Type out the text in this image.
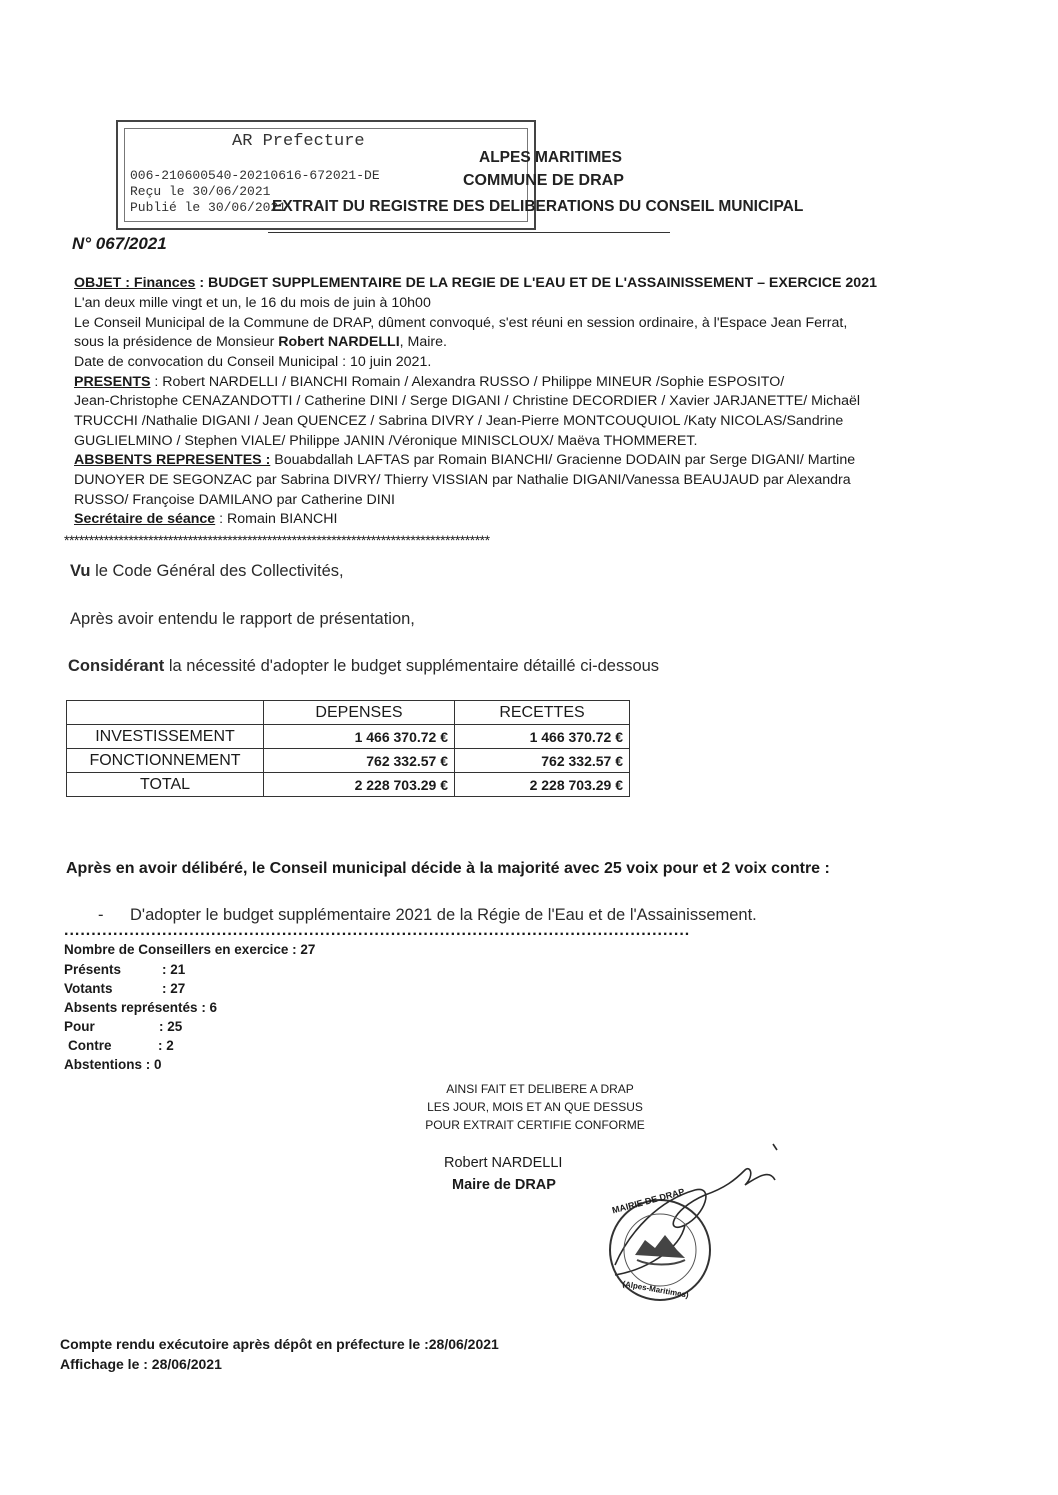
AR Prefecture
006-210600540-20210616-672021-DE
Reçu le 30/06/2021
Publié le 30/06/2021
ALPES MARITIMES
COMMUNE DE DRAP
EXTRAIT DU REGISTRE DES DELIBERATIONS DU CONSEIL MUNICIPAL
N° 067/2021
OBJET : Finances : BUDGET SUPPLEMENTAIRE DE LA REGIE DE L'EAU ET DE L'ASSAINISSEMENT – EXERCICE 2021
L'an deux mille vingt et un, le 16 du mois de juin à 10h00
Le Conseil Municipal de la Commune de DRAP, dûment convoqué, s'est réuni en session ordinaire, à l'Espace Jean Ferrat,
sous la présidence de Monsieur Robert NARDELLI, Maire.
Date de convocation du Conseil Municipal : 10 juin 2021.
PRESENTS : Robert NARDELLI / BIANCHI Romain / Alexandra RUSSO / Philippe MINEUR /Sophie ESPOSITO/
Jean-Christophe CENAZANDOTTI / Catherine DINI / Serge DIGANI / Christine DECORDIER / Xavier JARJANETTE/ Michaël
TRUCCHI /Nathalie DIGANI / Jean QUENCEZ / Sabrina DIVRY / Jean-Pierre MONTCOUQUIOL /Katy NICOLAS/Sandrine
GUGLIELMINO / Stephen VIALE/ Philippe JANIN /Véronique MINISCLOUX/ Maëva THOMMERET.
ABSBENTS REPRESENTES : Bouabdallah LAFTAS par Romain BIANCHI/ Gracienne DODAIN par Serge DIGANI/ Martine
DUNOYER DE SEGONZAC par Sabrina DIVRY/ Thierry VISSIAN par Nathalie DIGANI/Vanessa BEAUJAUD par Alexandra
RUSSO/ Françoise DAMILANO par Catherine DINI
Secrétaire de séance : Romain BIANCHI
**************************************************************************************
Vu le Code Général des Collectivités,
Après avoir entendu le rapport de présentation,
Considérant la nécessité d'adopter le budget supplémentaire détaillé ci-dessous
	DEPENSES	RECETTES
INVESTISSEMENT	1 466 370.72 €	1 466 370.72 €
FONCTIONNEMENT	762 332.57 €	762 332.57 €
TOTAL	2 228 703.29 €	2 228 703.29 €
Après en avoir délibéré, le Conseil municipal décide à la majorité avec 25 voix pour et 2 voix contre :
- D'adopter le budget supplémentaire 2021 de la Régie de l'Eau et de l'Assainissement.
...................................................................................................................
Nombre de Conseillers en exercice : 27
Présents	: 21
Votants	: 27
Absents représentés : 6
Pour	: 25
Contre	: 2
Abstentions : 0
AINSI FAIT ET DELIBERE A DRAP
LES JOUR, MOIS ET AN QUE DESSUS
POUR EXTRAIT CERTIFIE CONFORME
Robert NARDELLI
Maire de DRAP
MAIRIE DE DRAP
(Alpes-Maritimes)
Compte rendu exécutoire après dépôt en préfecture le :28/06/2021
Affichage le : 28/06/2021
